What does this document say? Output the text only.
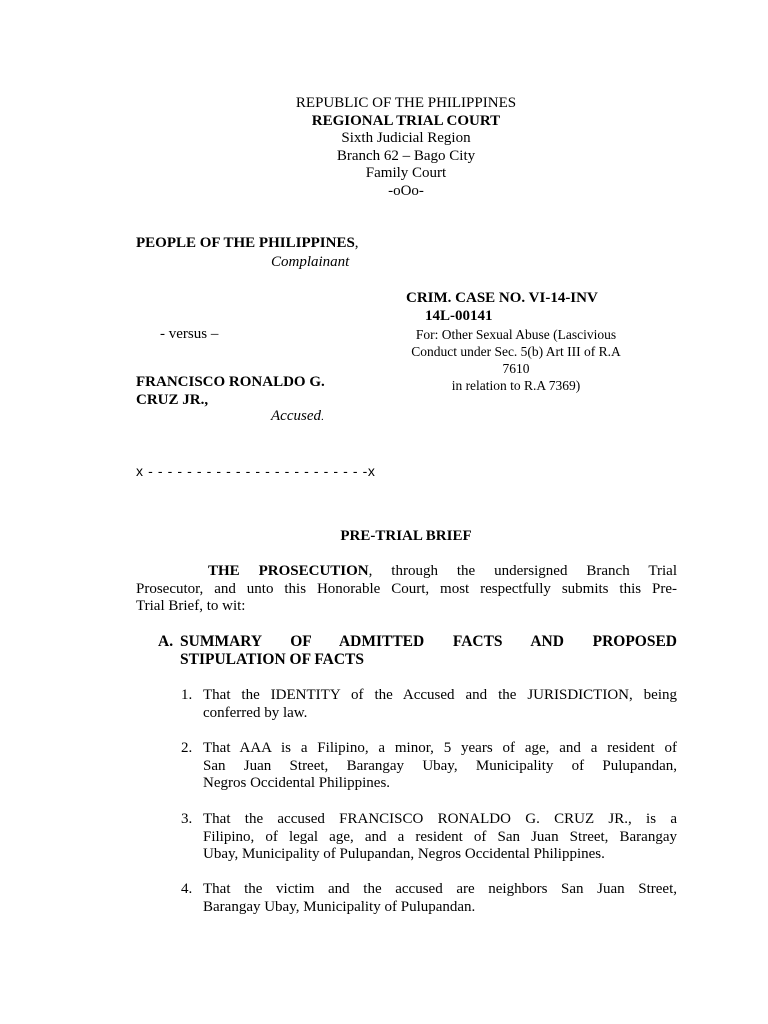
REPUBLIC OF THE PHILIPPINES
REGIONAL TRIAL COURT
Sixth Judicial Region
Branch 62 – Bago City
Family Court
-oOo-
PEOPLE OF THE PHILIPPINES,
Complainant
CRIM. CASE NO. VI-14-INV
14L-00141
- versus –	For: Other Sexual Abuse (Lascivious
Conduct under Sec. 5(b) Art III of R.A 7610
in relation to R.A 7369)
FRANCISCO RONALDO G.
CRUZ JR.,
Accused.
x - - - - - - - - - - - - - - - - - - - - - - -x
PRE-TRIAL BRIEF
THE PROSECUTION, through the undersigned Branch Trial
Prosecutor, and unto this Honorable Court, most respectfully submits this Pre-
Trial Brief, to wit:
A. SUMMARY OF ADMITTED FACTS AND PROPOSED
STIPULATION OF FACTS
1. That the IDENTITY of the Accused and the JURISDICTION, being
conferred by law.
2. That AAA is a Filipino, a minor, 5 years of age, and a resident of
San Juan Street, Barangay Ubay, Municipality of Pulupandan,
Negros Occidental Philippines.
3. That the accused FRANCISCO RONALDO G. CRUZ JR., is a
Filipino, of legal age, and a resident of San Juan Street, Barangay
Ubay, Municipality of Pulupandan, Negros Occidental Philippines.
4. That the victim and the accused are neighbors San Juan Street,
Barangay Ubay, Municipality of Pulupandan.
